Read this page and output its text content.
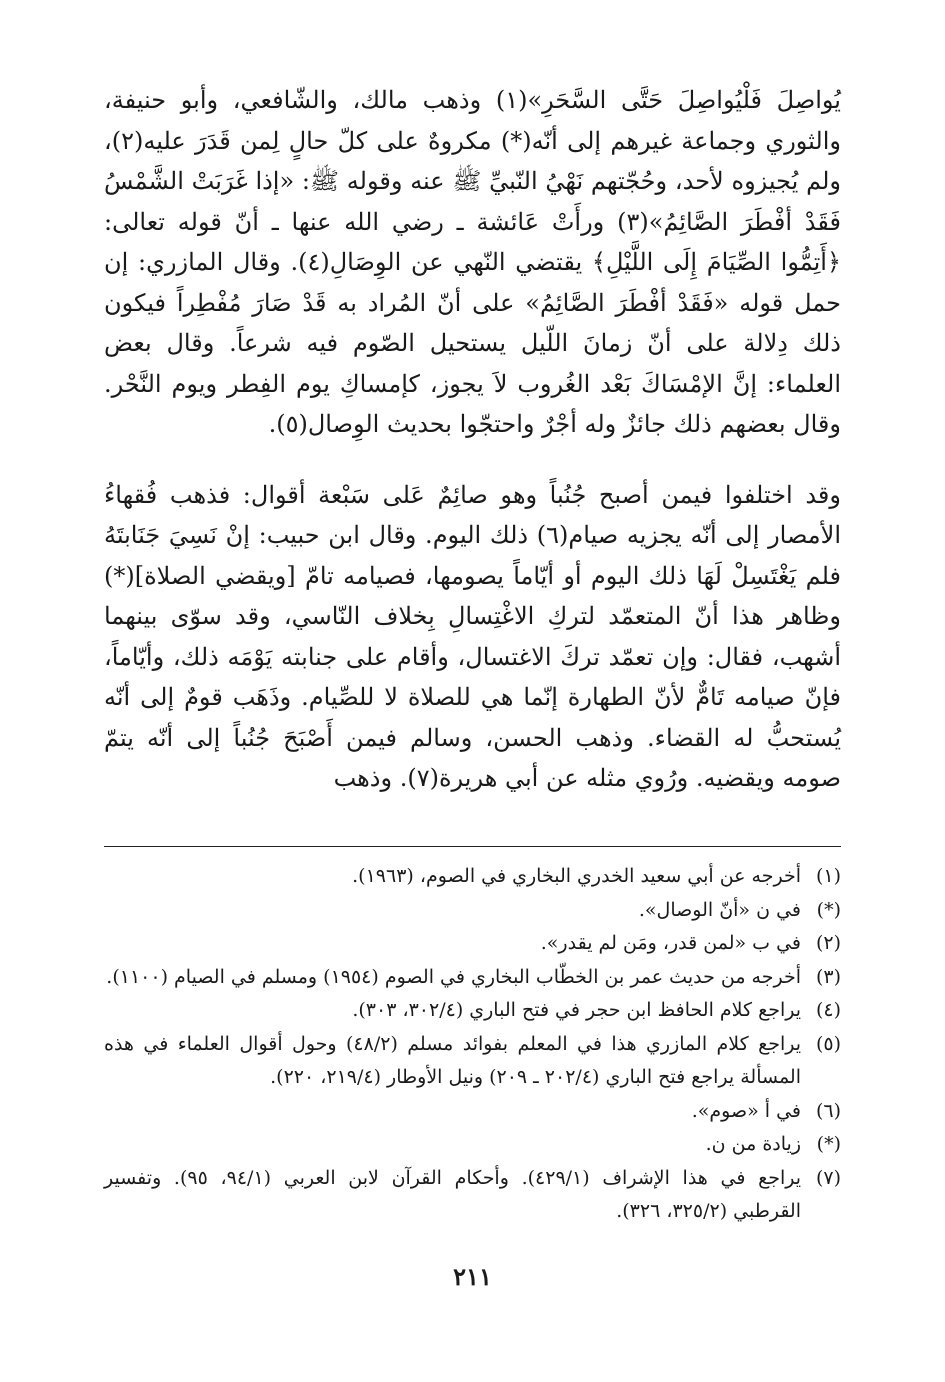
يُواصِلَ فَلْيُواصِلَ حَتَّى السَّحَرِ»(١) وذهب مالك، والشّافعي، وأبو حنيفة، والثوري وجماعة غيرهم إلى أنّه(*) مكروهٌ على كلّ حالٍ لِمن قَدَرَ عليه(٢)، ولم يُجيزوه لأحد، وحُجّتهم نَهْيُ النّبيِّ ﷺ عنه وقوله ﷺ: «إذا غَرَبَتْ الشَّمْسُ فَقَدْ أفْطَرَ الصَّائِمُ»(٣) ورأَتْ عَائشة ـ رضي الله عنها ـ أنّ قوله تعالى: ﴿أَتِمُّوا الصِّيَامَ إِلَى اللَّيْلِ﴾ يقتضي النّهي عن الوِصَالِ(٤). وقال المازري: إن حمل قوله «فَقَدْ أفْطَرَ الصَّائِمُ» على أنّ المُراد به قَدْ صَارَ مُفْطِراً فيكون ذلك دِلالة على أنّ زمانَ اللّيل يستحيل الصّوم فيه شرعاً. وقال بعض العلماء: إنَّ الإمْسَاكَ بَعْد الغُروب لاَ يجوز، كإمساكِ يوم الفِطر ويوم النَّحْر. وقال بعضهم ذلك جائزٌ وله أجْرٌ واحتجّوا بحديث الوِصال(٥).

وقد اختلفوا فيمن أصبح جُنُباً وهو صائِمٌ عَلى سَبْعة أقوال: فذهب فُقهاءُ الأمصار إلى أنّه يجزيه صيام(٦) ذلك اليوم. وقال ابن حبيب: إنْ نَسِيَ جَنَابتَهُ فلم يَغْتَسِلْ لَهَا ذلك اليوم أو أيّاماً يصومها، فصيامه تامّ [ويقضي الصلاة](*) وظاهر هذا أنّ المتعمّد لتركِ الاغْتِسالِ بِخلاف النّاسي، وقد سوّى بينهما أشهب، فقال: وإن تعمّد تركَ الاغتسال، وأقام على جنابته يَوْمَه ذلك، وأيّاماً، فإنّ صيامه تَامٌّ لأنّ الطهارة إنّما هي للصلاة لا للصِّيام. وذَهَب قومٌ إلى أنّه يُستحبُّ له القضاء. وذهب الحسن، وسالم فيمن أَصْبَحَ جُنُباً إلى أنّه يتمّ صومه ويقضيه. ورُوي مثله عن أبي هريرة(٧). وذهب

(١)
أخرجه عن أبي سعيد الخدري البخاري في الصوم، (١٩٦٣).
(*)
في ن «أنّ الوصال».
(٢)
في ب «لمن قدر، ومَن لم يقدر».
(٣)
أخرجه من حديث عمر بن الخطّاب البخاري في الصوم (١٩٥٤) ومسلم في الصيام (١١٠٠).
(٤)
يراجع كلام الحافظ ابن حجر في فتح الباري (٣٠٢/٤، ٣٠٣).
(٥)
يراجع كلام المازري هذا في المعلم بفوائد مسلم (٤٨/٢) وحول أقوال العلماء في هذه المسألة يراجع فتح الباري (٢٠٢/٤ ـ ٢٠٩) ونيل الأوطار (٢١٩/٤، ٢٢٠).
(٦)
في أ «صوم».
(*)
زيادة من ن.
(٧)
يراجع في هذا الإشراف (٤٢٩/١). وأحكام القرآن لابن العربي (٩٤/١، ٩٥). وتفسير القرطبي (٣٢٥/٢، ٣٢٦).
٢١١
